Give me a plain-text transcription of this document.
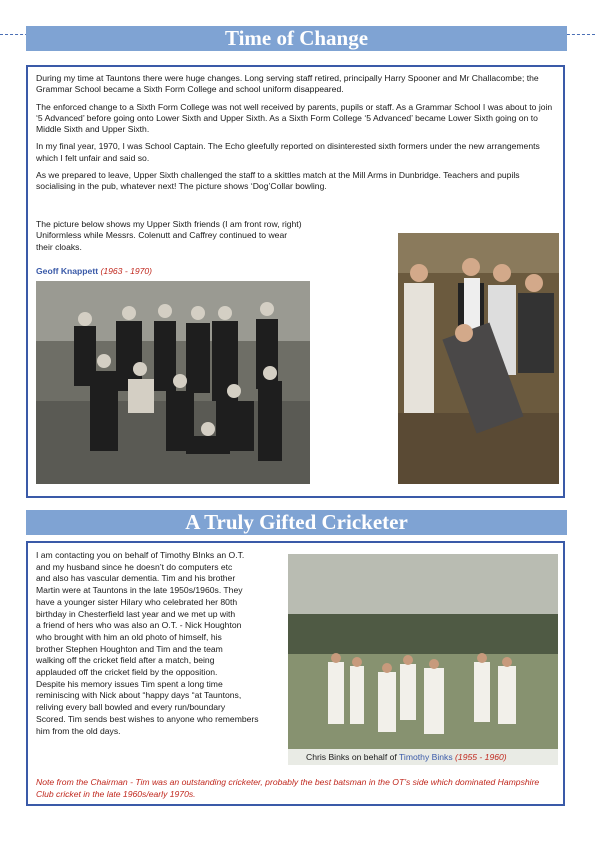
Time of Change

During my time at Tauntons there were huge changes. Long serving staff retired, principally Harry Spooner and Mr Challacombe; the Grammar School became a Sixth Form College and school uniform disappeared.

The enforced change to a Sixth Form College was not well received by parents, pupils or staff. As a Grammar School I was about to join ‘5 Advanced’ before going onto Lower Sixth and Upper Sixth. As a Sixth Form College ‘5 Advanced’ became Lower Sixth going on to Middle Sixth and Upper Sixth.

In my final year, 1970, I was School Captain. The Echo gleefully reported on disinterested sixth formers under the new arrangements which I felt unfair and said so.

As we prepared to leave, Upper Sixth challenged the staff to a skittles match at the Mill Arms in Dunbridge. Teachers and pupils socialising in the pub, whatever next! The picture shows ‘Dog’Collar bowling.

The picture below shows my Upper Sixth friends (I am front row, right)
Uniformless while Messrs. Colenutt and Caffrey continued to wear
their cloaks.
Geoff Knappett (1963 - 1970)
A Truly Gifted Cricketer
I am contacting you on behalf of Timothy BInks an O.T.
and my husband since he doesn’t do computers etc
and also has vascular dementia. Tim and his brother
Martin were at Tauntons in the late 1950s/1960s. They
have a younger sister Hilary who celebrated her 80th
birthday in Chesterfield last year and we met up with
a friend of hers who was also an O.T. - Nick Houghton
who brought with him an old photo of himself, his
brother Stephen Houghton and Tim and the team
walking off the cricket field after a match, being
applauded off the cricket field by the opposition.
Despite his memory issues Tim spent a long time
reminiscing with Nick about “happy days “at Tauntons,
reliving every ball bowled and every run/boundary
Scored. Tim sends best wishes to anyone who remembers
him from the old days.
Chris Binks on behalf of Timothy Binks (1955 - 1960)
Note from the Chairman - Tim was an outstanding cricketer, probably the best batsman in the OT’s side which dominated Hampshire Club cricket in the late 1960s/early 1970s.
